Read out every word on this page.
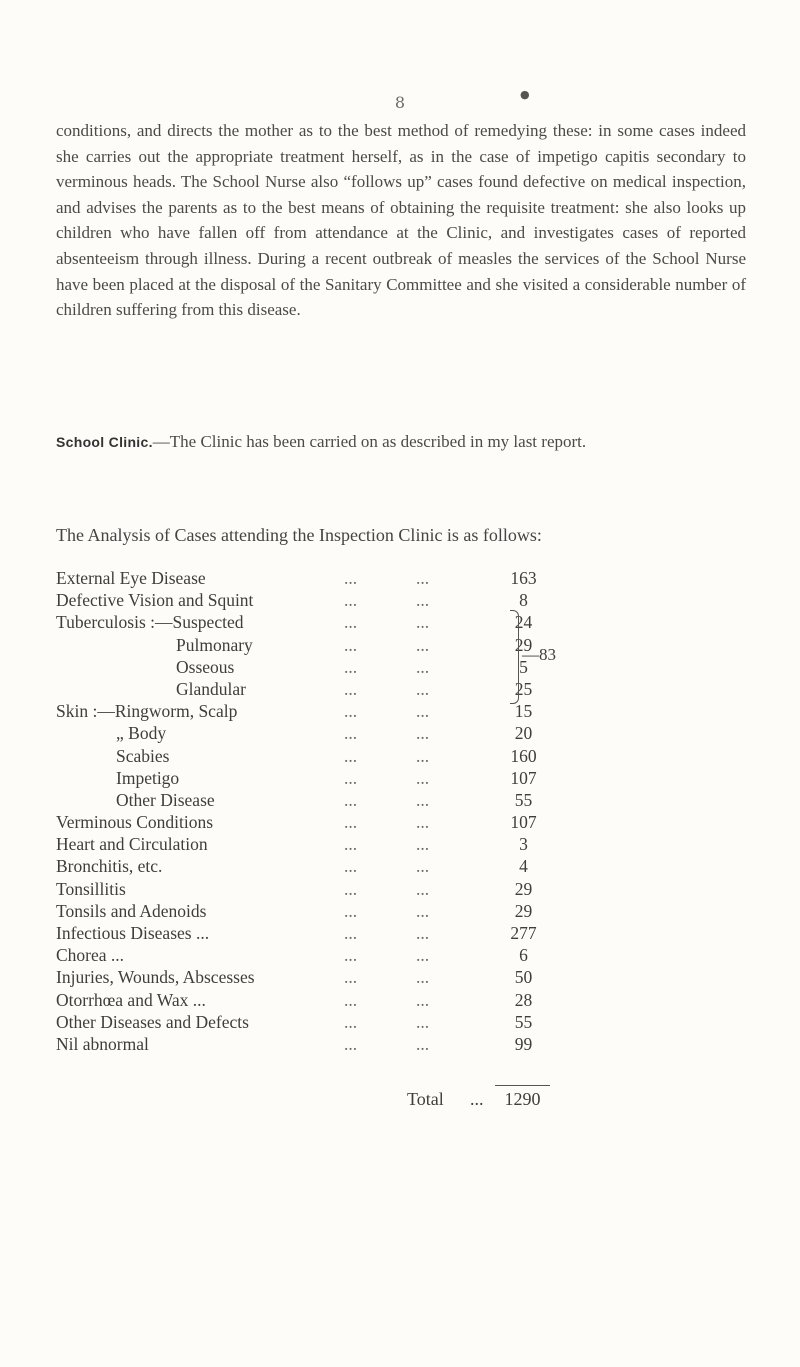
8	●
conditions, and directs the mother as to the best method of remedying these: in some cases indeed she carries out the appropriate treatment herself, as in the case of impetigo capitis secondary to verminous heads. The School Nurse also “follows up” cases found defective on medical inspection, and advises the parents as to the best means of obtaining the requisite treatment: she also looks up children who have fallen off from attendance at the Clinic, and investigates cases of reported absenteeism through illness. During a recent outbreak of measles the services of the School Nurse have been placed at the disposal of the Sanitary Committee and she visited a considerable number of children suffering from this disease.
School Clinic.—The Clinic has been carried on as described in my last report.
The Analysis of Cases attending the Inspection Clinic is as follows:
External Eye Disease	...	...	163
Defective Vision and Squint	...	...	8
Tuberculosis :—Suspected	...	...	24
Pulmonary	...	...	29
Osseous	...	...	5
Glandular	...	...	25
Skin :—Ringworm, Scalp	...	...	15
„ Body	...	...	20
Scabies	...	...	160
Impetigo	...	...	107
Other Disease	...	...	55
Verminous Conditions	...	...	107
Heart and Circulation	...	...	3
Bronchitis, etc.	...	...	4
Tonsillitis	...	...	29
Tonsils and Adenoids	...	...	29
Infectious Diseases ...	...	...	277
Chorea ...	...	...	6
Injuries, Wounds, Abscesses	...	...	50
Otorrhœa and Wax ...	...	...	28
Other Diseases and Defects	...	...	55
Nil abnormal	...	...	99
—83
Total ...	1290
